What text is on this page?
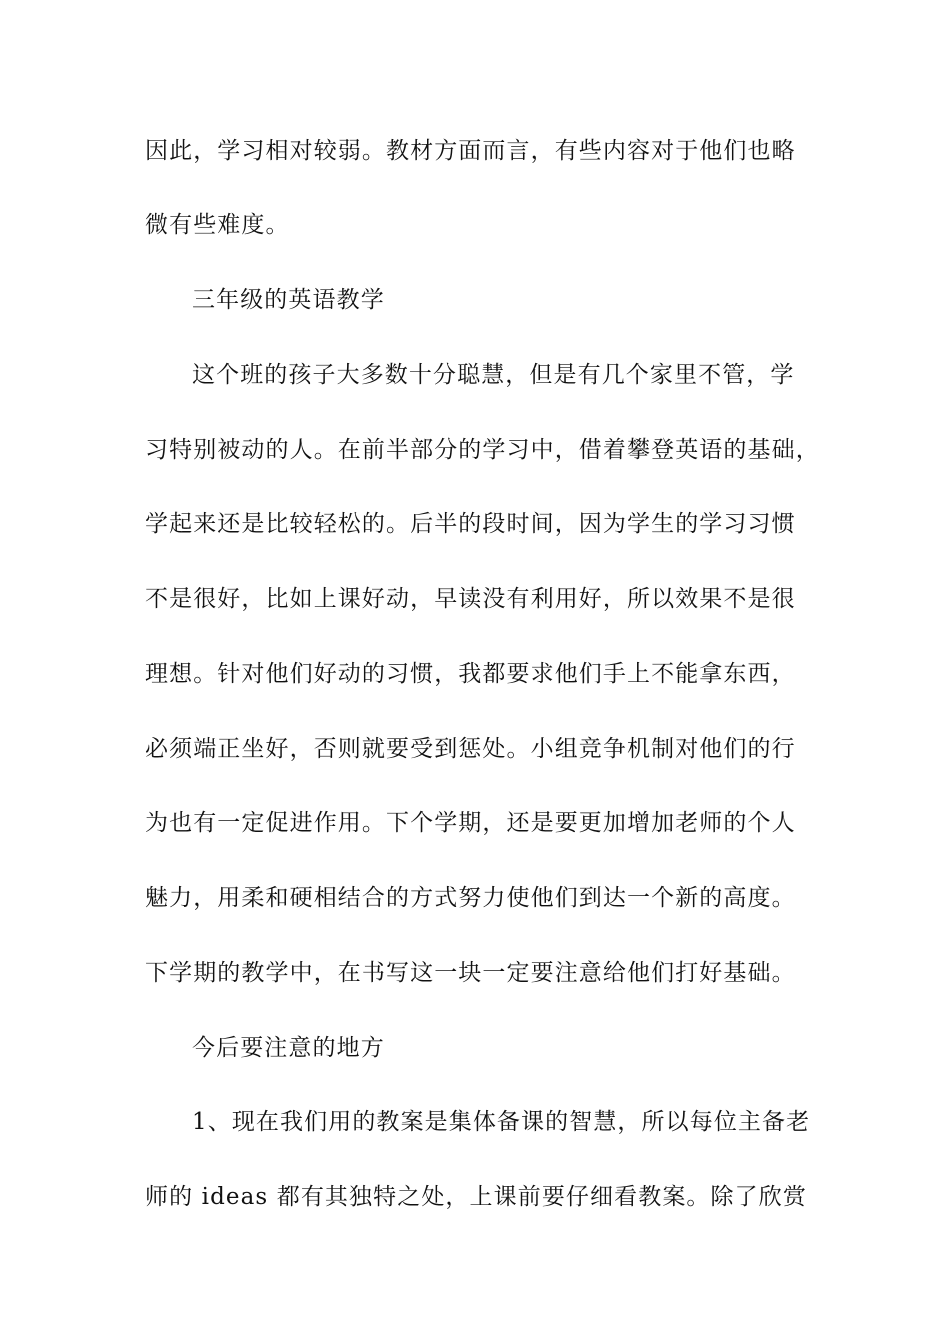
因此，学习相对较弱。教材方面而言，有些内容对于他们也略
微有些难度。
三年级的英语教学
这个班的孩子大多数十分聪慧，但是有几个家里不管，学
习特别被动的人。在前半部分的学习中，借着攀登英语的基础，
学起来还是比较轻松的。后半的段时间，因为学生的学习习惯
不是很好，比如上课好动，早读没有利用好，所以效果不是很
理想。针对他们好动的习惯，我都要求他们手上不能拿东西，
必须端正坐好，否则就要受到惩处。小组竞争机制对他们的行
为也有一定促进作用。下个学期，还是要更加增加老师的个人
魅力，用柔和硬相结合的方式努力使他们到达一个新的高度。
下学期的教学中，在书写这一块一定要注意给他们打好基础。
今后要注意的地方
1、现在我们用的教案是集体备课的智慧，所以每位主备老
师的 ideas 都有其独特之处，上课前要仔细看教案。除了欣赏
